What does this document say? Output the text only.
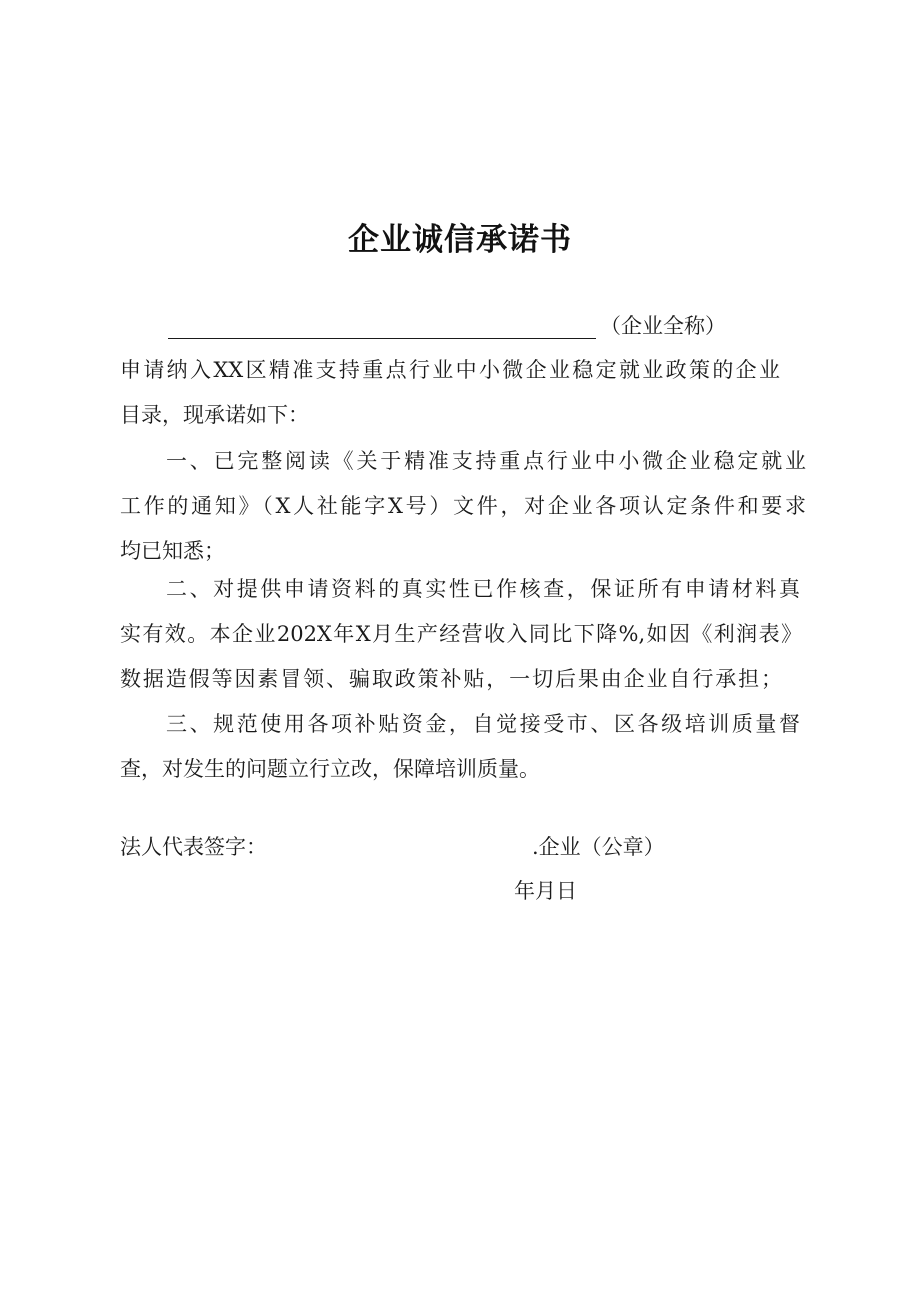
企业诚信承诺书
（企业全称）
申请纳入XX区精准支持重点行业中小微企业稳定就业政策的企业
目录，现承诺如下：
一、已完整阅读《关于精准支持重点行业中小微企业稳定就业
工作的通知》（X人社能字X号）文件，对企业各项认定条件和要求
均已知悉；
二、对提供申请资料的真实性已作核查，保证所有申请材料真
实有效。本企业202X年X月生产经营收入同比下降%,如因《利润表》
数据造假等因素冒领、骗取政策补贴，一切后果由企业自行承担；
三、规范使用各项补贴资金，自觉接受市、区各级培训质量督
查，对发生的问题立行立改，保障培训质量。
法人代表签字：	.企业（公章）
年月日
